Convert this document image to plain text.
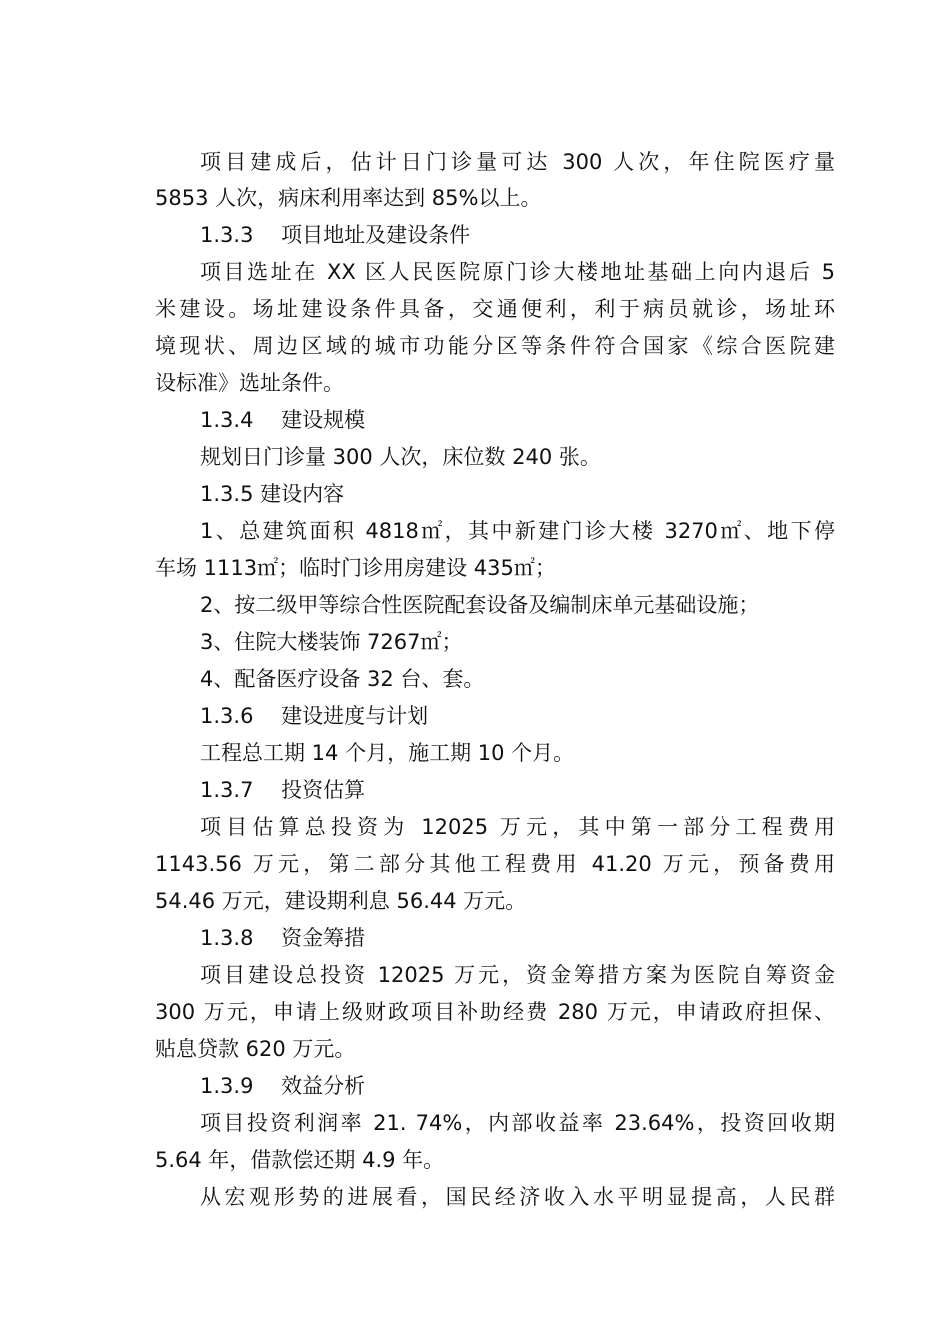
项目建成后，估计日门诊量可达 300 人次，年住院医疗量
5853 人次，病床利用率达到 85%以上。
1.3.3　 项目地址及建设条件
项目选址在 XX 区人民医院原门诊大楼地址基础上向内退后 5
米建设。场址建设条件具备，交通便利，利于病员就诊，场址环
境现状、周边区域的城市功能分区等条件符合国家《综合医院建
设标准》选址条件。
1.3.4　 建设规模
规划日门诊量 300 人次，床位数 240 张。
1.3.5 建设内容
1、总建筑面积 4818㎡，其中新建门诊大楼 3270㎡、地下停
车场 1113㎡；临时门诊用房建设 435㎡；
2、按二级甲等综合性医院配套设备及编制床单元基础设施；
3、住院大楼装饰 7267㎡；
4、配备医疗设备 32 台、套。
1.3.6　 建设进度与计划
工程总工期 14 个月，施工期 10 个月。
1.3.7　 投资估算
项目估算总投资为 12025 万元，其中第一部分工程费用
1143.56 万元，第二部分其他工程费用 41.20 万元，预备费用
54.46 万元，建设期利息 56.44 万元。
1.3.8　 资金筹措
项目建设总投资 12025 万元，资金筹措方案为医院自筹资金
300 万元，申请上级财政项目补助经费 280 万元，申请政府担保、
贴息贷款 620 万元。
1.3.9　 效益分析
项目投资利润率 21. 74%，内部收益率 23.64%，投资回收期
5.64 年，借款偿还期 4.9 年。
从宏观形势的进展看，国民经济收入水平明显提高，人民群
